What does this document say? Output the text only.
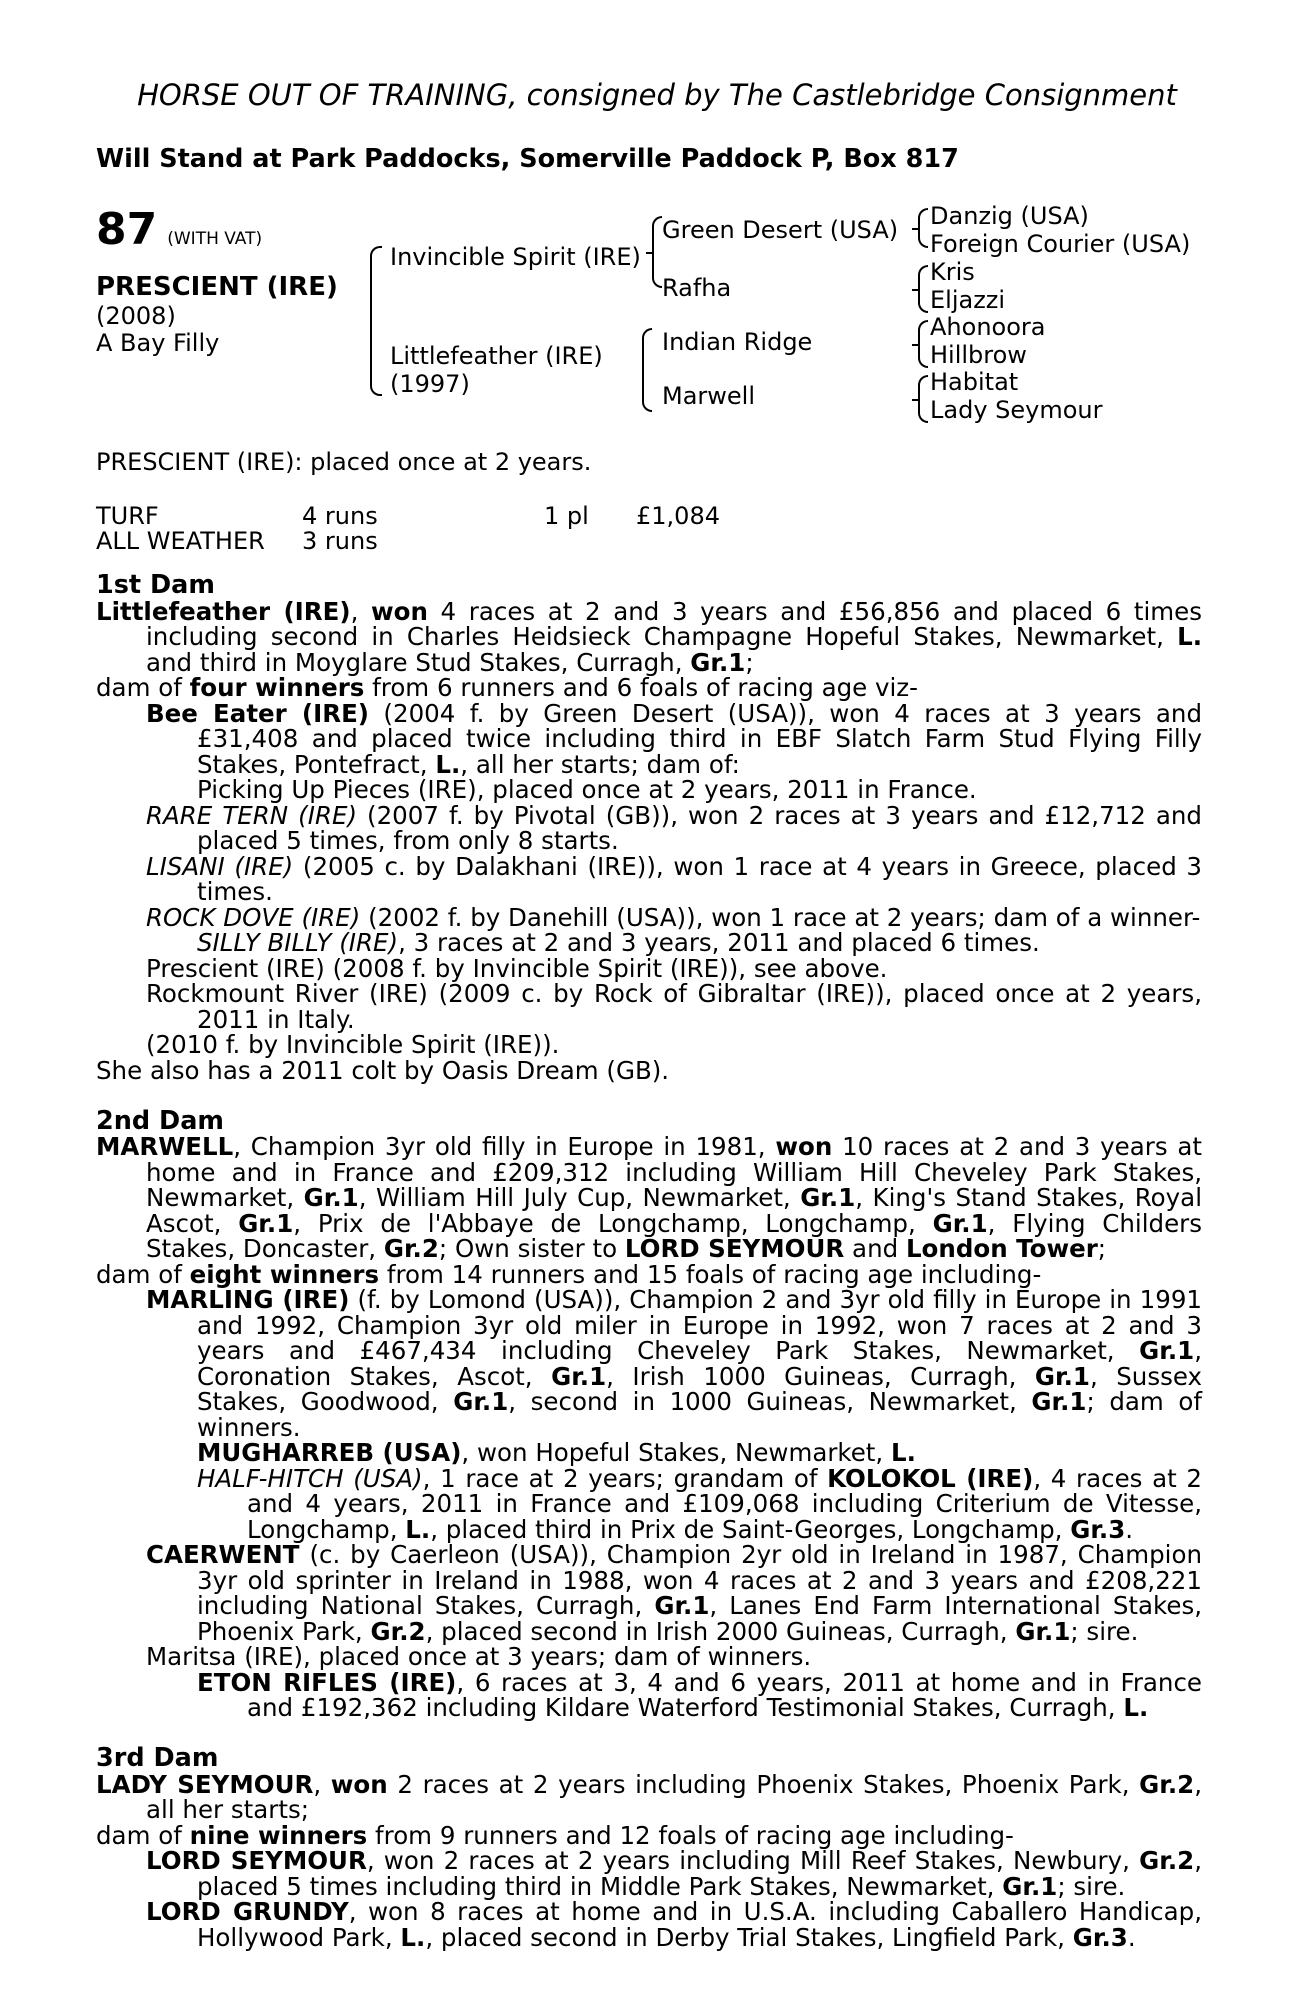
HORSE OUT OF TRAINING, consigned by The Castlebridge Consignment
Will Stand at Park Paddocks, Somerville Paddock P, Box 817
87 (WITH VAT)
PRESCIENT (IRE)
(2008)
A Bay Filly
Invincible Spirit (IRE)
Littlefeather (IRE)
(1997)
Green Desert (USA)
Rafha
Indian Ridge
Marwell
Danzig (USA)
Foreign Courier (USA)
Kris
Eljazzi
Ahonoora
Hillbrow
Habitat
Lady Seymour
PRESCIENT (IRE): placed once at 2 years.
TURF	4 runs	1 pl £1,084
ALL WEATHER 3 runs
1st Dam

Littlefeather (IRE), won 4 races at 2 and 3 years and £56,856 and placed 6 times including second in Charles Heidsieck Champagne Hopeful Stakes, Newmarket, L. and third in Moyglare Stud Stakes, Curragh, Gr.1;

dam of four winners from 6 runners and 6 foals of racing age viz-

Bee Eater (IRE) (2004 f. by Green Desert (USA)), won 4 races at 3 years and £31,408 and placed twice including third in EBF Slatch Farm Stud Flying Filly Stakes, Pontefract, L., all her starts; dam of:

Picking Up Pieces (IRE), placed once at 2 years, 2011 in France.

RARE TERN (IRE) (2007 f. by Pivotal (GB)), won 2 races at 3 years and £12,712 and placed 5 times, from only 8 starts.

LISANI (IRE) (2005 c. by Dalakhani (IRE)), won 1 race at 4 years in Greece, placed 3 times.

ROCK DOVE (IRE) (2002 f. by Danehill (USA)), won 1 race at 2 years; dam of a winner-

SILLY BILLY (IRE), 3 races at 2 and 3 years, 2011 and placed 6 times.

Prescient (IRE) (2008 f. by Invincible Spirit (IRE)), see above.

Rockmount River (IRE) (2009 c. by Rock of Gibraltar (IRE)), placed once at 2 years, 2011 in Italy.

(2010 f. by Invincible Spirit (IRE)).

She also has a 2011 colt by Oasis Dream (GB).

2nd Dam

MARWELL, Champion 3yr old filly in Europe in 1981, won 10 races at 2 and 3 years at home and in France and £209,312 including William Hill Cheveley Park Stakes, Newmarket, Gr.1, William Hill July Cup, Newmarket, Gr.1, King's Stand Stakes, Royal Ascot, Gr.1, Prix de l'Abbaye de Longchamp, Longchamp, Gr.1, Flying Childers Stakes, Doncaster, Gr.2; Own sister to LORD SEYMOUR and London Tower;

dam of eight winners from 14 runners and 15 foals of racing age including-

MARLING (IRE) (f. by Lomond (USA)), Champion 2 and 3yr old filly in Europe in 1991 and 1992, Champion 3yr old miler in Europe in 1992, won 7 races at 2 and 3 years and £467,434 including Cheveley Park Stakes, Newmarket, Gr.1, Coronation Stakes, Ascot, Gr.1, Irish 1000 Guineas, Curragh, Gr.1, Sussex Stakes, Goodwood, Gr.1, second in 1000 Guineas, Newmarket, Gr.1; dam of winners.

MUGHARREB (USA), won Hopeful Stakes, Newmarket, L.

HALF-HITCH (USA), 1 race at 2 years; grandam of KOLOKOL (IRE), 4 races at 2 and 4 years, 2011 in France and £109,068 including Criterium de Vitesse, Longchamp, L., placed third in Prix de Saint-Georges, Longchamp, Gr.3.

CAERWENT (c. by Caerleon (USA)), Champion 2yr old in Ireland in 1987, Champion 3yr old sprinter in Ireland in 1988, won 4 races at 2 and 3 years and £208,221 including National Stakes, Curragh, Gr.1, Lanes End Farm International Stakes, Phoenix Park, Gr.2, placed second in Irish 2000 Guineas, Curragh, Gr.1; sire.

Maritsa (IRE), placed once at 3 years; dam of winners.

ETON RIFLES (IRE), 6 races at 3, 4 and 6 years, 2011 at home and in France and £192,362 including Kildare Waterford Testimonial Stakes, Curragh, L.

3rd Dam

LADY SEYMOUR, won 2 races at 2 years including Phoenix Stakes, Phoenix Park, Gr.2, all her starts;

dam of nine winners from 9 runners and 12 foals of racing age including-

LORD SEYMOUR, won 2 races at 2 years including Mill Reef Stakes, Newbury, Gr.2, placed 5 times including third in Middle Park Stakes, Newmarket, Gr.1; sire.

LORD GRUNDY, won 8 races at home and in U.S.A. including Caballero Handicap, Hollywood Park, L., placed second in Derby Trial Stakes, Lingfield Park, Gr.3.
